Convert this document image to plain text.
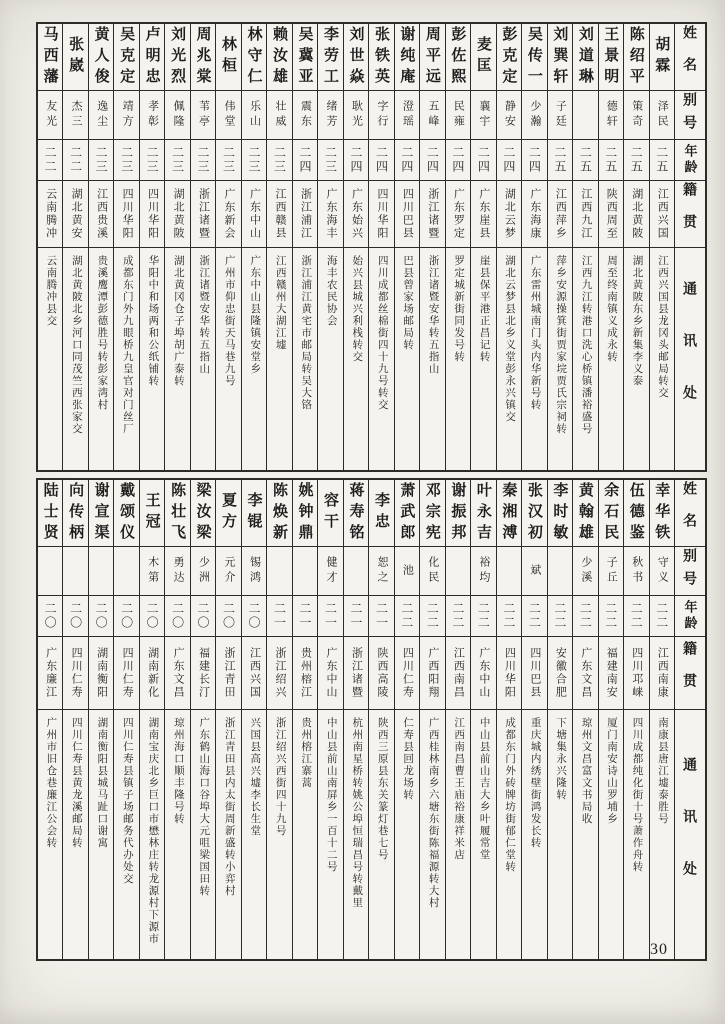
姓名
别号
年龄
籍贯
通讯处
胡霖
泽民
二五
江西兴国
江西兴国县龙冈头邮局转交
陈绍平
策奇
二五
湖北黄陂
湖北黄陂东乡新集李义泰
王景明
德轩
二五
陕西周至
周至终南镇义成永转
刘道琳
二五
江西九江
江西九江转港口洗心桥镇潘裕盛号
刘巽轩
子廷
二五
江西萍乡
萍乡安源操箕街贾家垸贾氏宗祠转
吴传一
少瀚
二四
广东海康
广东雷州城南门头内华新号转
彭克定
静安
二四
湖北云梦
湖北云梦县北乡义堂彭永兴镇交
麦匡
襄宇
二四
广东崖县
崖县保平港正昌记转
彭佐熙
民雍
二四
广东罗定
罗定城新街同发号转
周平远
五峰
二四
浙江诸暨
浙江诸暨安华转五指山
谢纯庵
澄瑶
二四
四川巴县
巴县曾家场邮局转
张铁英
字行
二四
四川华阳
四川成都丝棉街四十九号转交
刘世焱
耿光
二四
广东始兴
始兴县城兴利栈转交
李劳工
绪芳
二三
广东海丰
海丰农民协会
吴冀亚
震东
二四
浙江浦江
浙江浦江黄宅市邮局转吴大铬
赖汝雄
壮威
二三
江西赣县
江西赣州大湖江墟
林守仁
乐山
二三
广东中山
广东中山县隆镇安堂乡
林桓
伟堂
二三
广东新会
广州市仰忠街天马巷九号
周兆棠
苇亭
二三
浙江诸暨
浙江诸暨安华转五指山
刘光烈
佩隆
二三
湖北黄陂
湖北黄冈仓子埠胡广泰转
卢明忠
孝彰
二三
四川华阳
华阳中和场两和公纸铺转
吴克定
靖方
二三
四川华阳
成都东门外九眼桥九皇官对门丝厂
黄人俊
逸尘
二三
江西贵溪
贵溪鹰潭彭德胜号转彭家湾村
张崴
杰三
二二
湖北黄安
湖北黄陂北乡河口同茂竺西张家交
马西藩
友光
二二
云南腾冲
云南腾冲县交
姓名
别号
年龄
籍贯
通讯处
幸华铁
守义
二二
江西南康
南康县唐江墟泰胜号
伍德鉴
秋书
二二
四川邛崃
四川成都纯化街十号萧作舟转
余石民
子丘
二二
福建南安
厦门南安诗山罗埔乡
黄翰雄
少溪
二二
广东文昌
琼州文昌富文书局收
李时敏
二二
安徽合肥
下塘集永兴隆转
张汉初
斌
二二
四川巴县
重庆城内绣壁街鸿发长转
秦湘溥
二二
四川华阳
成都东门外砖牌坊街郁仁堂转
叶永吉
裕均
二二
广东中山
中山县前山吉大乡叶履常堂
谢振邦
二二
江西南昌
江西南昌曹王庙裕康祥米店
邓宗宪
化民
二二
广西阳翔
广西桂林南乡六塘东街陈福源转大村
萧武郎
池
二二
四川仁寿
仁寿县回龙场转
李忠
恕之
二一
陕西高陵
陕西三原县东关篆灯巷七号
蒋寿铭
二一
浙江诸暨
杭州南星桥转姚公埠恒瑞昌号转戴里
容干
健才
二一
广东中山
中山县前山南屏乡一百十二号
姚钟鼎
二一
贵州榕江
贵州榕江寨蒿
陈焕新
二一
浙江绍兴
浙江绍兴西街四十九号
李锟
锡鸿
二〇
江西兴国
兴国县高兴墟李长生堂
夏方
元介
二〇
浙江青田
浙江青田县内太街周新盛转小弈村
梁汝梁
少洲
二〇
福建长汀
广东鹤山海口谷埠大元咀梁国田转
陈壮飞
勇达
二〇
广东文昌
琼州海口顺丰隆号转
王冠
木第
二〇
湖南新化
湖南宝庆北乡巨口市懋林庄转龙源村下源市
戴颂仪
二〇
四川仁寿
四川仁寿县镇子场邮务代办处交
谢宣渠
二〇
湖南衡阳
湖南衡阳县城马趾口谢寓
向传柄
二〇
四川仁寿
四川仁寿县黄龙溪邮局转
陆士贤
二〇
广东廉江
广州市旧仓巷廉江公会转
30
